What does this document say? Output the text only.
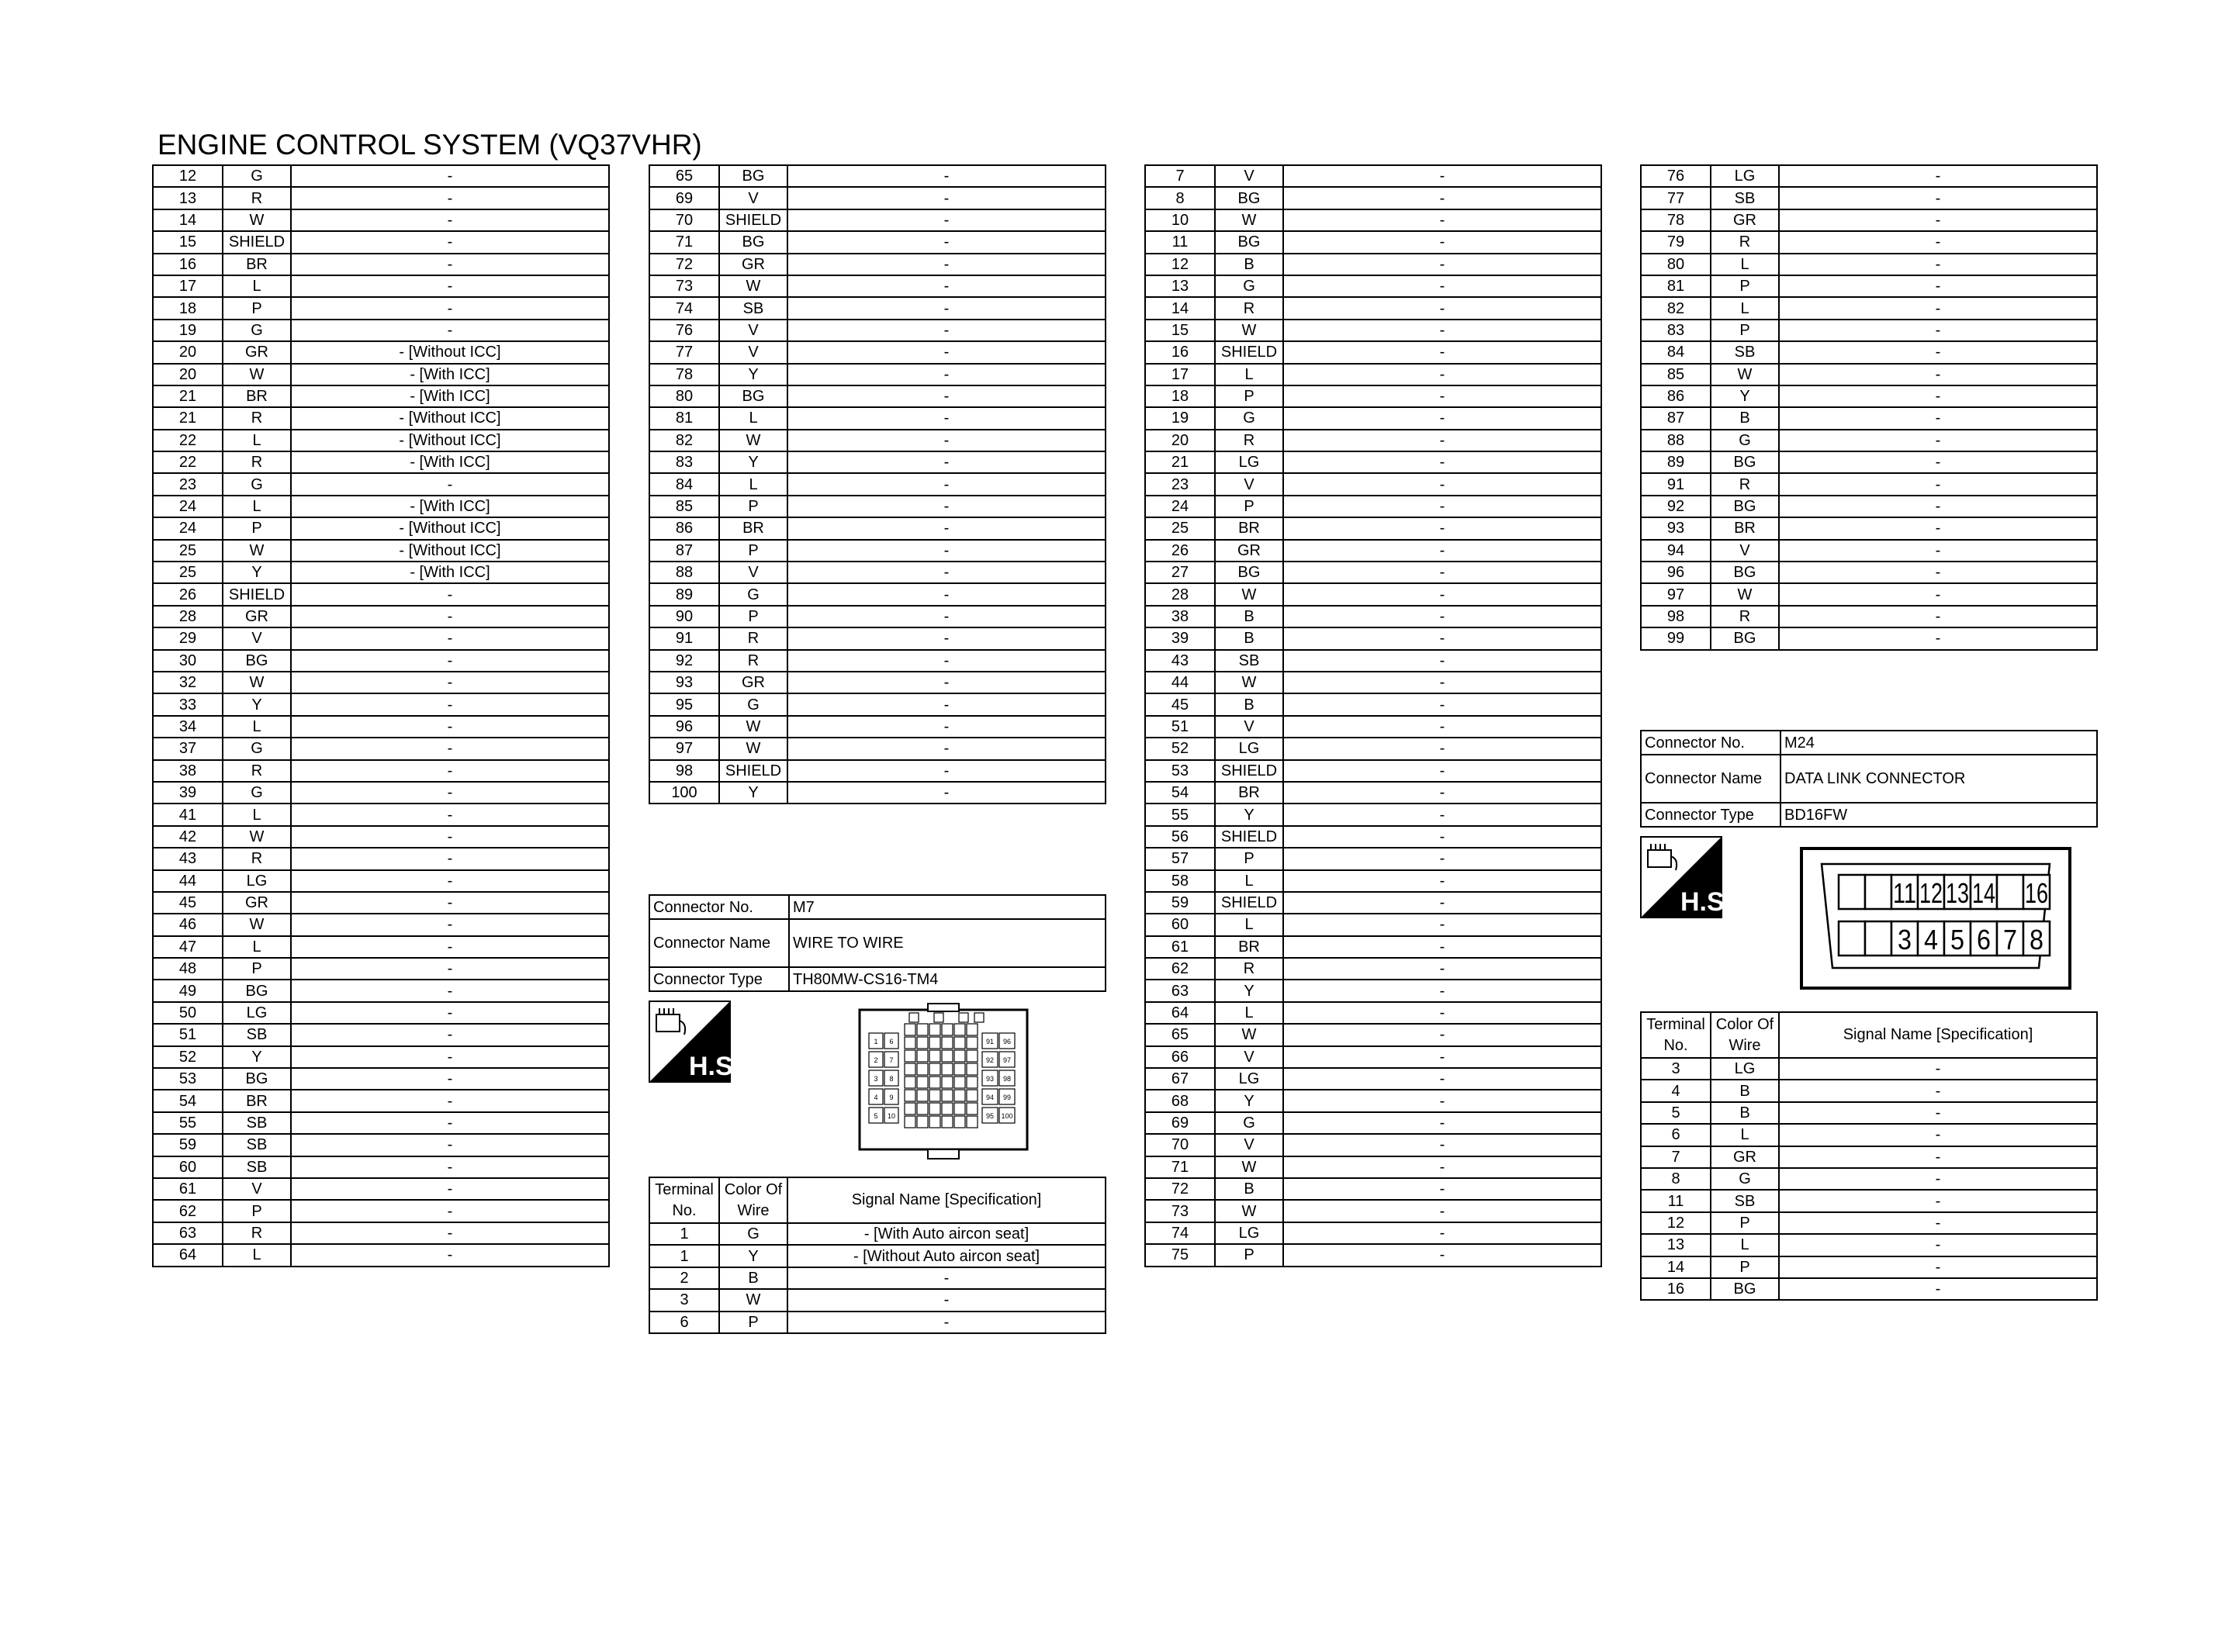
ENGINE CONTROL SYSTEM (VQ37VHR)
12	G	-
13	R	-
14	W	-
15	SHIELD	-
16	BR	-
17	L	-
18	P	-
19	G	-
20	GR	- [Without ICC]
20	W	- [With ICC]
21	BR	- [With ICC]
21	R	- [Without ICC]
22	L	- [Without ICC]
22	R	- [With ICC]
23	G	-
24	L	- [With ICC]
24	P	- [Without ICC]
25	W	- [Without ICC]
25	Y	- [With ICC]
26	SHIELD	-
28	GR	-
29	V	-
30	BG	-
32	W	-
33	Y	-
34	L	-
37	G	-
38	R	-
39	G	-
41	L	-
42	W	-
43	R	-
44	LG	-
45	GR	-
46	W	-
47	L	-
48	P	-
49	BG	-
50	LG	-
51	SB	-
52	Y	-
53	BG	-
54	BR	-
55	SB	-
59	SB	-
60	SB	-
61	V	-
62	P	-
63	R	-
64	L	-
65	BG	-
69	V	-
70	SHIELD	-
71	BG	-
72	GR	-
73	W	-
74	SB	-
76	V	-
77	V	-
78	Y	-
80	BG	-
81	L	-
82	W	-
83	Y	-
84	L	-
85	P	-
86	BR	-
87	P	-
88	V	-
89	G	-
90	P	-
91	R	-
92	R	-
93	GR	-
95	G	-
96	W	-
97	W	-
98	SHIELD	-
100	Y	-
7	V	-
8	BG	-
10	W	-
11	BG	-
12	B	-
13	G	-
14	R	-
15	W	-
16	SHIELD	-
17	L	-
18	P	-
19	G	-
20	R	-
21	LG	-
23	V	-
24	P	-
25	BR	-
26	GR	-
27	BG	-
28	W	-
38	B	-
39	B	-
43	SB	-
44	W	-
45	B	-
51	V	-
52	LG	-
53	SHIELD	-
54	BR	-
55	Y	-
56	SHIELD	-
57	P	-
58	L	-
59	SHIELD	-
60	L	-
61	BR	-
62	R	-
63	Y	-
64	L	-
65	W	-
66	V	-
67	LG	-
68	Y	-
69	G	-
70	V	-
71	W	-
72	B	-
73	W	-
74	LG	-
75	P	-
76	LG	-
77	SB	-
78	GR	-
79	R	-
80	L	-
81	P	-
82	L	-
83	P	-
84	SB	-
85	W	-
86	Y	-
87	B	-
88	G	-
89	BG	-
91	R	-
92	BG	-
93	BR	-
94	V	-
96	BG	-
97	W	-
98	R	-
99	BG	-
Connector No.	M7
Connector Name	WIRE TO WIRE
Connector Type	TH80MW-CS16-TM4
H.S.
1 6
2 7
3 8
4 9
5 10
91 96
92 97
93 98
94 99
95 100
Terminal No.	Color Of Wire	Signal Name [Specification]
1	G	- [With Auto aircon seat]
1	Y	- [Without Auto aircon seat]
2	B	-
3	W	-
6	P	-
Connector No.	M24
Connector Name	DATA LINK CONNECTOR
Connector Type	BD16FW
H.S.	11 12 13 14 16
3 4 5 6 7 8
Terminal No.	Color Of Wire	Signal Name [Specification]
3	LG	-
4	B	-
5	B	-
6	L	-
7	GR	-
8	G	-
11	SB	-
12	P	-
13	L	-
14	P	-
16	BG	-
